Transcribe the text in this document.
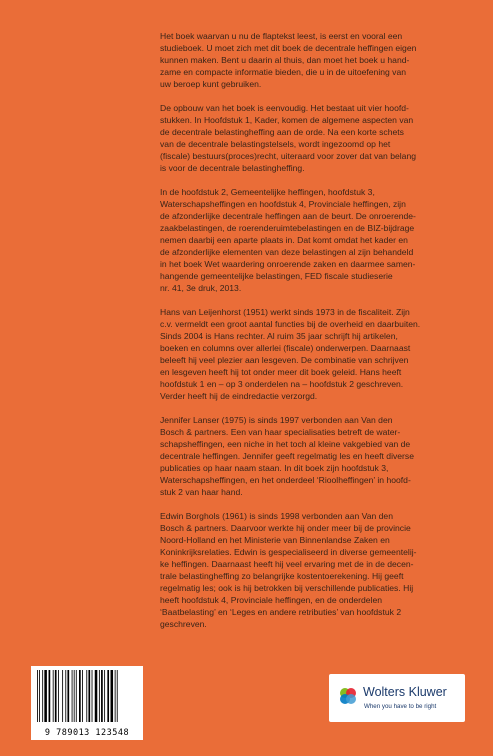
Het boek waarvan u nu de flaptekst leest, is eerst en vooral een
studieboek. U moet zich met dit boek de decentrale heffingen eigen
kunnen maken. Bent u daarin al thuis, dan moet het boek u hand-
zame en compacte informatie bieden, die u in de uitoefening van
uw beroep kunt gebruiken.
De opbouw van het boek is eenvoudig. Het bestaat uit vier hoofd-
stukken. In Hoofdstuk 1, Kader, komen de algemene aspecten van
de decentrale belastingheffing aan de orde. Na een korte schets
van de decentrale belastingstelsels, wordt ingezoomd op het
(fiscale) bestuurs(proces)recht, uiteraard voor zover dat van belang
is voor de decentrale belastingheffing.
In de hoofdstuk 2, Gemeentelijke heffingen, hoofdstuk 3,
Waterschapsheffingen en hoofdstuk 4, Provinciale heffingen, zijn
de afzonderlijke decentrale heffingen aan de beurt. De onroerende-
zaakbelastingen, de roerenderuimtebelastingen en de BIZ-bijdrage
nemen daarbij een aparte plaats in. Dat komt omdat het kader en
de afzonderlijke elementen van deze belastingen al zijn behandeld
in het boek Wet waardering onroerende zaken en daarmee samen-
hangende gemeentelijke belastingen, FED fiscale studieserie
nr. 41, 3e druk, 2013.
Hans van Leijenhorst (1951) werkt sinds 1973 in de fiscaliteit. Zijn
c.v. vermeldt een groot aantal functies bij de overheid en daarbuiten.
Sinds 2004 is Hans rechter. Al ruim 35 jaar schrijft hij artikelen,
boeken en columns over allerlei (fiscale) onderwerpen. Daarnaast
beleeft hij veel plezier aan lesgeven. De combinatie van schrijven
en lesgeven heeft hij tot onder meer dit boek geleid. Hans heeft
hoofdstuk 1 en – op 3 onderdelen na – hoofdstuk 2 geschreven.
Verder heeft hij de eindredactie verzorgd.
Jennifer Lanser (1975) is sinds 1997 verbonden aan Van den
Bosch & partners. Een van haar specialisaties betreft de water-
schapsheffingen, een niche in het toch al kleine vakgebied van de
decentrale heffingen. Jennifer geeft regelmatig les en heeft diverse
publicaties op haar naam staan. In dit boek zijn hoofdstuk 3,
Waterschapsheffingen, en het onderdeel ‘Rioolheffingen’ in hoofd-
stuk 2 van haar hand.
Edwin Borghols (1961) is sinds 1998 verbonden aan Van den
Bosch & partners. Daarvoor werkte hij onder meer bij de provincie
Noord-Holland en het Ministerie van Binnenlandse Zaken en
Koninkrijksrelaties. Edwin is gespecialiseerd in diverse gemeentelij-
ke heffingen. Daarnaast heeft hij veel ervaring met de in de decen-
trale belastingheffing zo belangrijke kostentoerekening. Hij geeft
regelmatig les; ook is hij betrokken bij verschillende publicaties. Hij
heeft hoofdstuk 4, Provinciale heffingen, en de onderdelen
‘Baatbelasting’ en ‘Leges en andere retributies’ van hoofdstuk 2
geschreven.
9 789013 123548
Wolters Kluwer
When you have to be right
